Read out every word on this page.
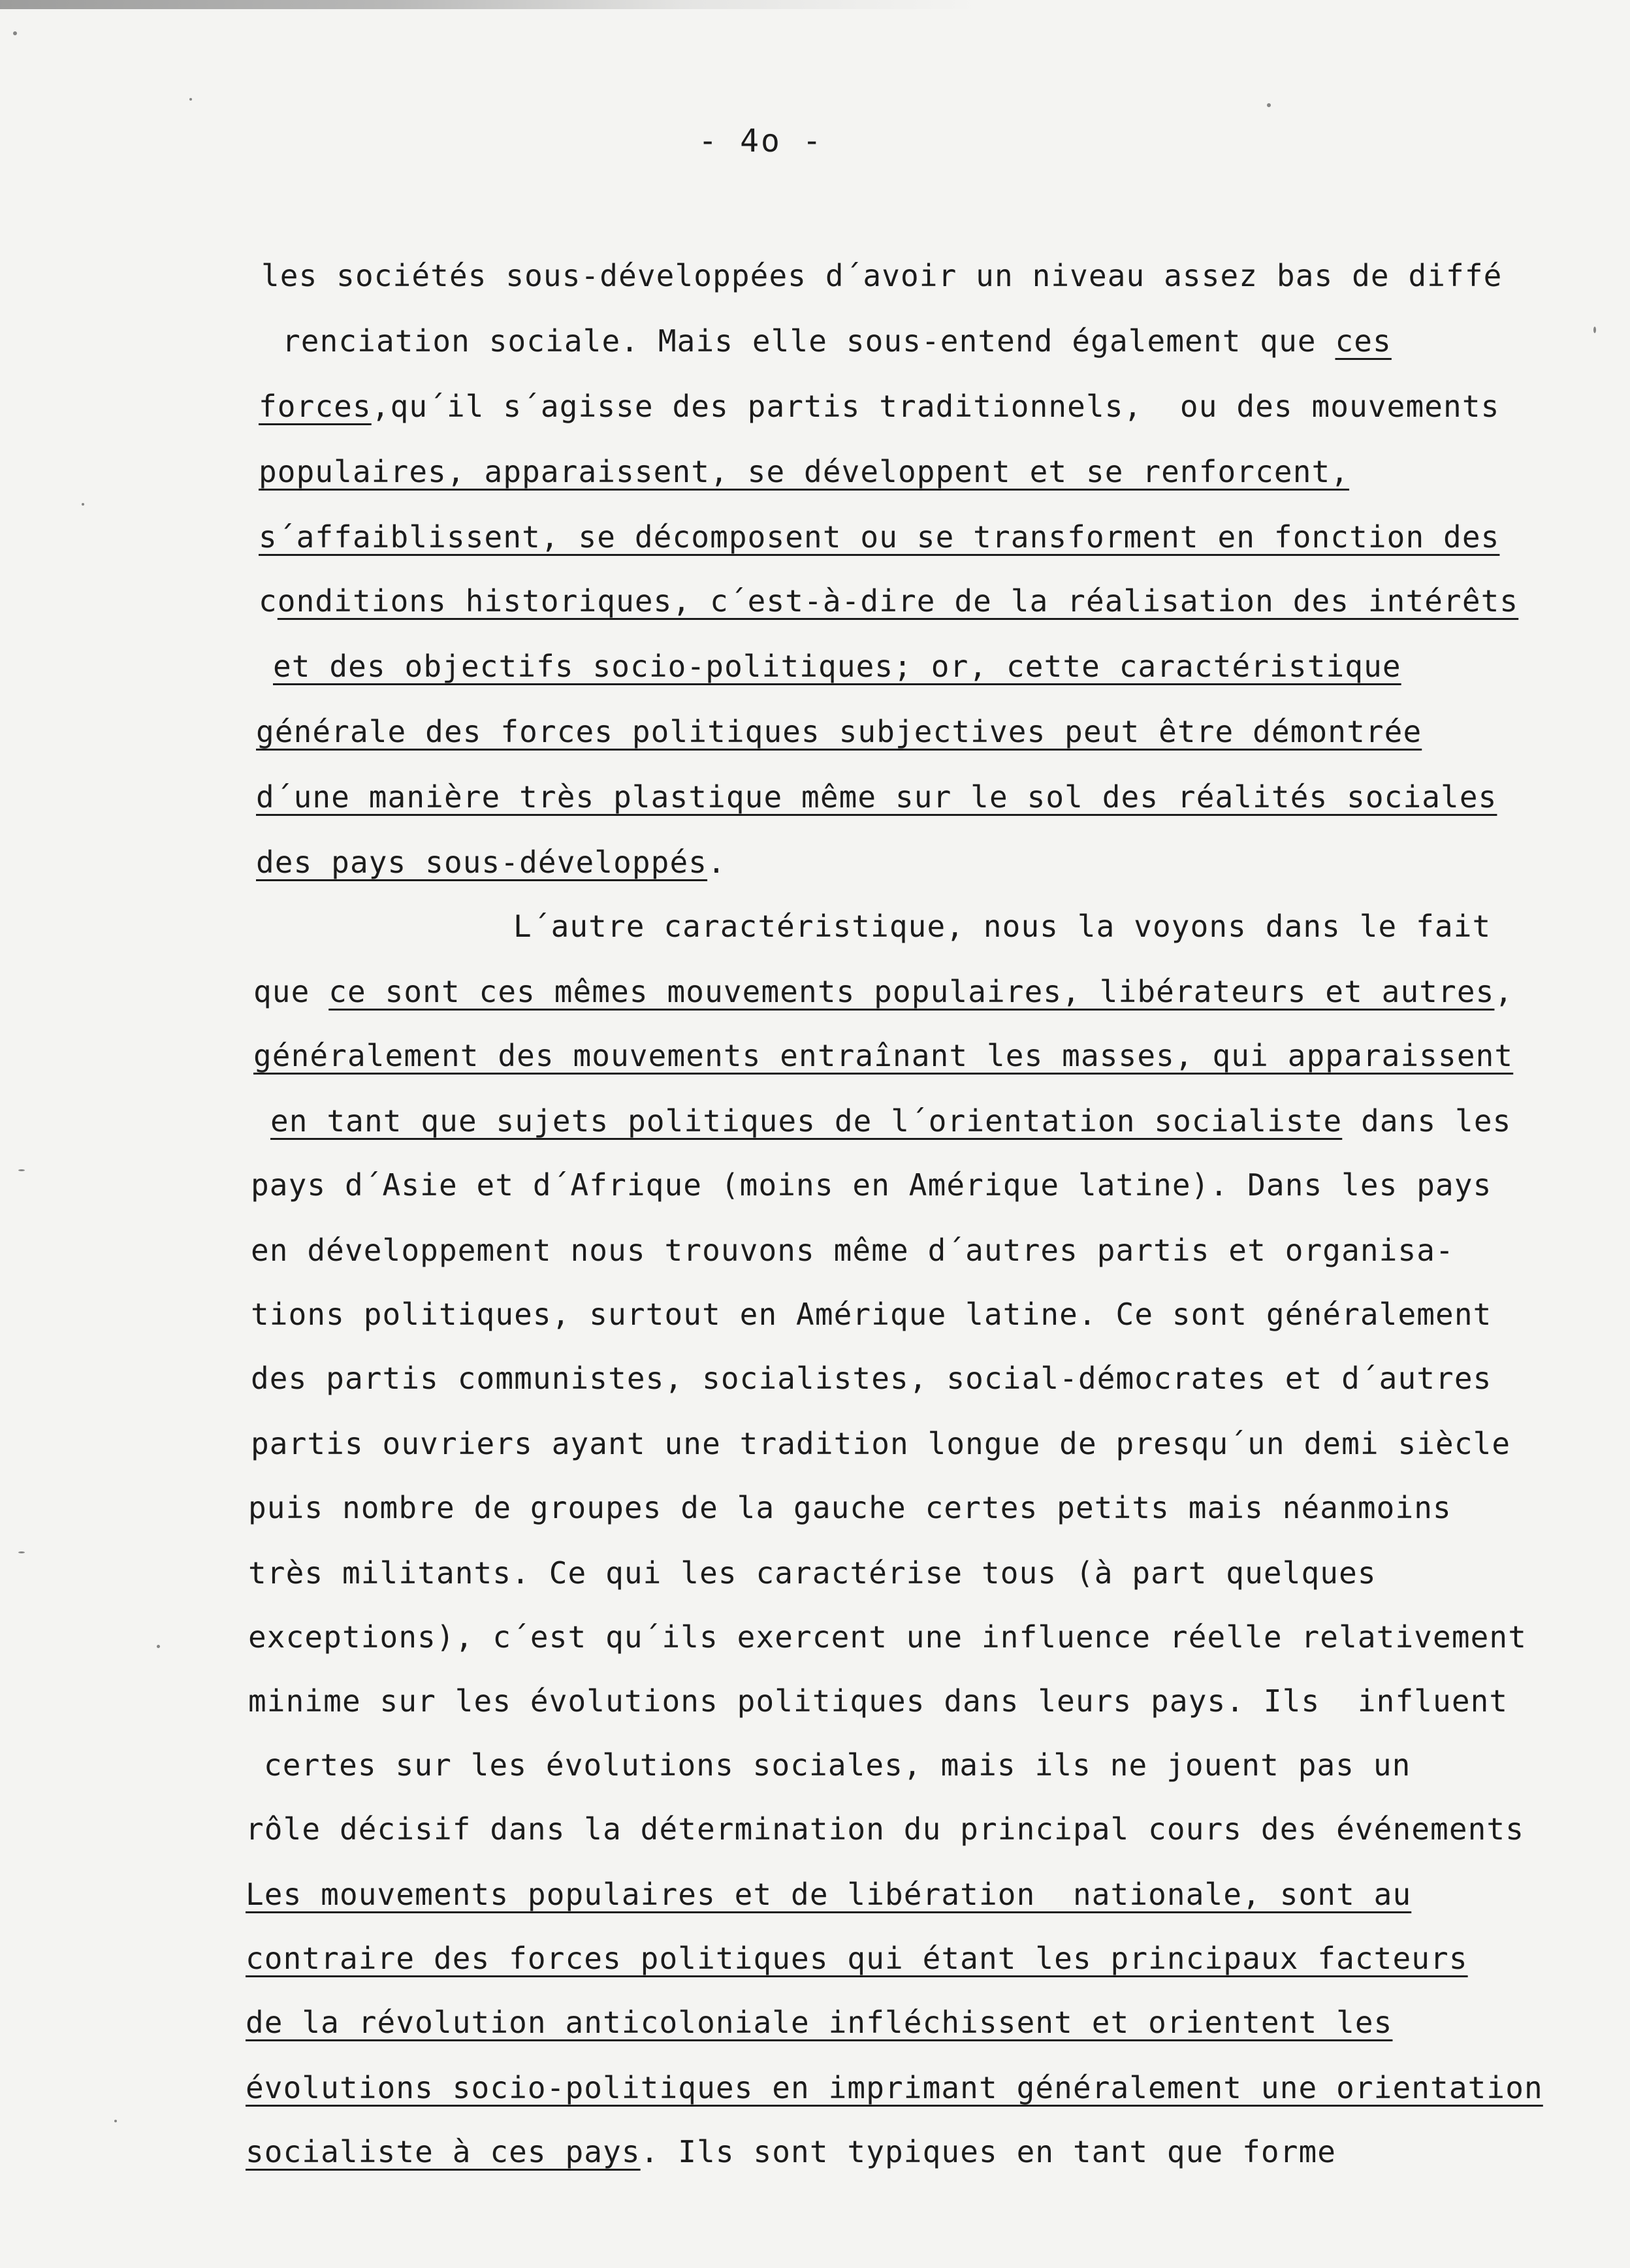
- 4o -
les sociétés sous-développées d´avoir un niveau assez bas de diffé
renciation sociale. Mais elle sous-entend également que ces
forces,qu´il s´agisse des partis traditionnels,  ou des mouvements
populaires, apparaissent, se développent et se renforcent,
s´affaiblissent, se décomposent ou se transforment en fonction des
conditions historiques, c´est-à-dire de la réalisation des intérêts
et des objectifs socio-politiques; or, cette caractéristique
générale des forces politiques subjectives peut être démontrée
d´une manière très plastique même sur le sol des réalités sociales
des pays sous-développés.
L´autre caractéristique, nous la voyons dans le fait
que ce sont ces mêmes mouvements populaires, libérateurs et autres,
généralement des mouvements entraînant les masses, qui apparaissent
en tant que sujets politiques de l´orientation socialiste dans les
pays d´Asie et d´Afrique (moins en Amérique latine). Dans les pays
en développement nous trouvons même d´autres partis et organisa-
tions politiques, surtout en Amérique latine. Ce sont généralement
des partis communistes, socialistes, social-démocrates et d´autres
partis ouvriers ayant une tradition longue de presqu´un demi siècle
puis nombre de groupes de la gauche certes petits mais néanmoins
très militants. Ce qui les caractérise tous (à part quelques
exceptions), c´est qu´ils exercent une influence réelle relativement
minime sur les évolutions politiques dans leurs pays. Ils  influent
certes sur les évolutions sociales, mais ils ne jouent pas un
rôle décisif dans la détermination du principal cours des événements
Les mouvements populaires et de libération  nationale, sont au
contraire des forces politiques qui étant les principaux facteurs
de la révolution anticoloniale infléchissent et orientent les
évolutions socio-politiques en imprimant généralement une orientation
socialiste à ces pays. Ils sont typiques en tant que forme
